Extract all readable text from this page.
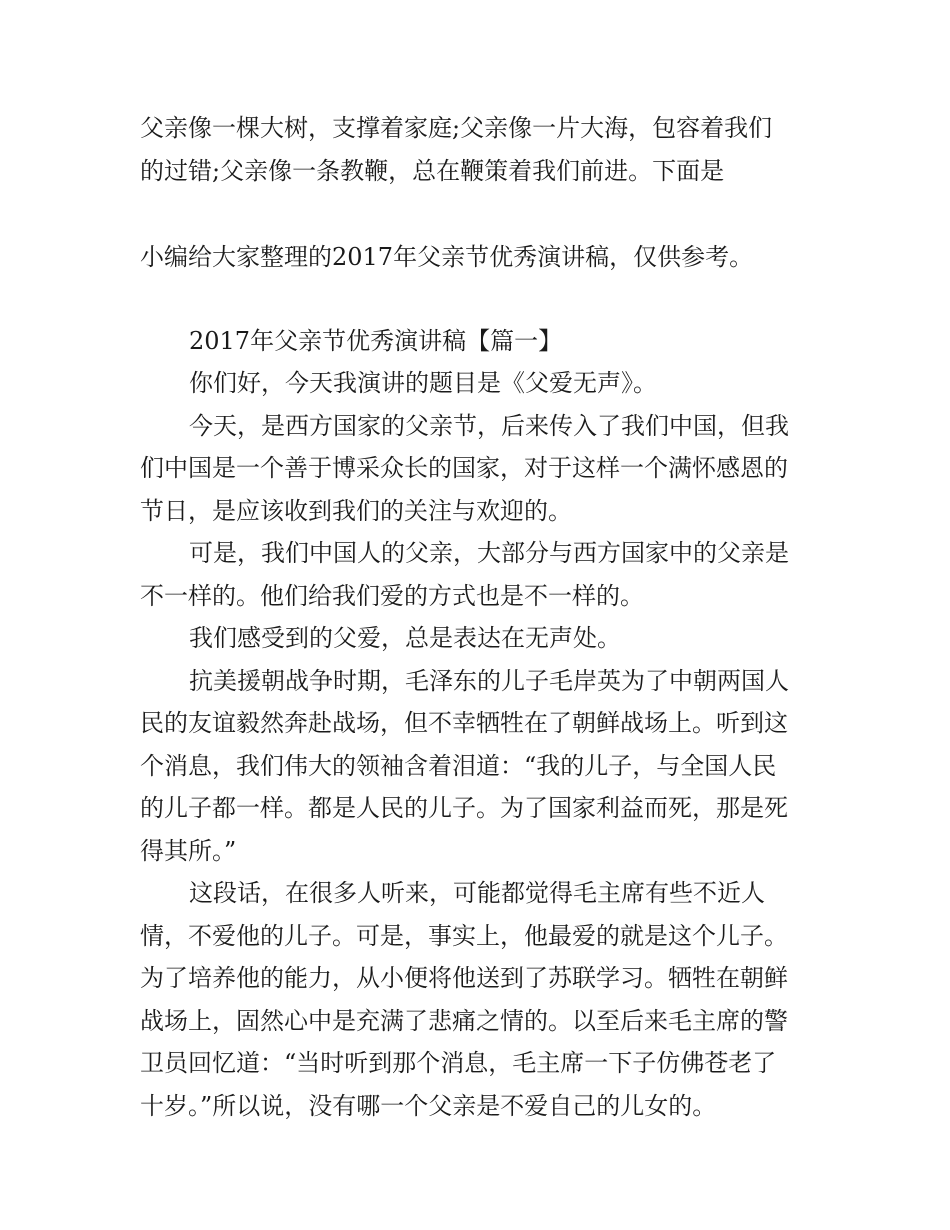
父亲像一棵大树，支撑着家庭;父亲像一片大海，包容着我们
的过错;父亲像一条教鞭，总在鞭策着我们前进。下面是
小编给大家整理的2017年父亲节优秀演讲稿，仅供参考。
2017年父亲节优秀演讲稿【篇一】
你们好，今天我演讲的题目是《父爱无声》。
今天，是西方国家的父亲节，后来传入了我们中国，但我
们中国是一个善于博采众长的国家，对于这样一个满怀感恩的
节日，是应该收到我们的关注与欢迎的。
可是，我们中国人的父亲，大部分与西方国家中的父亲是
不一样的。他们给我们爱的方式也是不一样的。
我们感受到的父爱，总是表达在无声处。
抗美援朝战争时期，毛泽东的儿子毛岸英为了中朝两国人
民的友谊毅然奔赴战场，但不幸牺牲在了朝鲜战场上。听到这
个消息，我们伟大的领袖含着泪道：“我的儿子，与全国人民
的儿子都一样。都是人民的儿子。为了国家利益而死，那是死
得其所。”
这段话，在很多人听来，可能都觉得毛主席有些不近人
情，不爱他的儿子。可是，事实上，他最爱的就是这个儿子。
为了培养他的能力，从小便将他送到了苏联学习。牺牲在朝鲜
战场上，固然心中是充满了悲痛之情的。以至后来毛主席的警
卫员回忆道：“当时听到那个消息，毛主席一下子仿佛苍老了
十岁。”所以说，没有哪一个父亲是不爱自己的儿女的。
